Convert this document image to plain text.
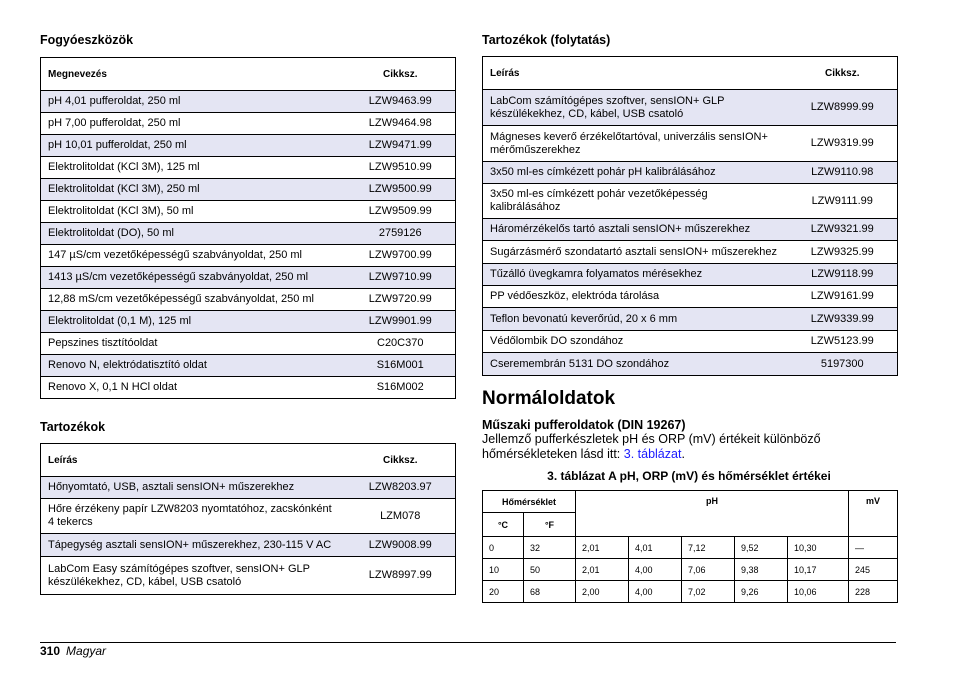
Fogyóeszközök
Megnevezés	Cikksz.
pH 4,01 pufferoldat, 250 ml	LZW9463.99
pH 7,00 pufferoldat, 250 ml	LZW9464.98
pH 10,01 pufferoldat, 250 ml	LZW9471.99
Elektrolitoldat (KCl 3M), 125 ml	LZW9510.99
Elektrolitoldat (KCl 3M), 250 ml	LZW9500.99
Elektrolitoldat (KCl 3M), 50 ml	LZW9509.99
Elektrolitoldat (DO), 50 ml	2759126
147 µS/cm vezetőképességű szabványoldat, 250 ml	LZW9700.99
1413 µS/cm vezetőképességű szabványoldat, 250 ml	LZW9710.99
12,88 mS/cm vezetőképességű szabványoldat, 250 ml	LZW9720.99
Elektrolitoldat (0,1 M), 125 ml	LZW9901.99
Pepszines tisztítóoldat	C20C370
Renovo N, elektródatisztító oldat	S16M001
Renovo X, 0,1 N HCl oldat	S16M002
Tartozékok
Leírás	Cikksz.
Hőnyomtató, USB, asztali sensION+ műszerekhez	LZW8203.97
Hőre érzékeny papír LZW8203 nyomtatóhoz, zacskónként 4 tekercs	LZM078
Tápegység asztali sensION+ műszerekhez, 230-115 V AC	LZW9008.99
LabCom Easy számítógépes szoftver, sensION+ GLP készülékekhez, CD, kábel, USB csatoló	LZW8997.99
Tartozékok (folytatás)
Leírás	Cikksz.
LabCom számítógépes szoftver, sensION+ GLP készülékekhez, CD, kábel, USB csatoló	LZW8999.99
Mágneses keverő érzékelőtartóval, univerzális sensION+ mérőműszerekhez	LZW9319.99
3x50 ml-es címkézett pohár pH kalibrálásához	LZW9110.98
3x50 ml-es címkézett pohár vezetőképesség kalibrálásához	LZW9111.99
Háromérzékelős tartó asztali sensION+ műszerekhez	LZW9321.99
Sugárzásmérő szondatartó asztali sensION+ műszerekhez	LZW9325.99
Tűzálló üvegkamra folyamatos mérésekhez	LZW9118.99
PP védőeszköz, elektróda tárolása	LZW9161.99
Teflon bevonatú keverőrúd, 20 x 6 mm	LZW9339.99
Védőlombik DO szondához	LZW5123.99
Cseremembrán 5131 DO szondához	5197300
Normáloldatok
Műszaki pufferoldatok (DIN 19267)
Jellemző pufferkészletek pH és ORP (mV) értékeit különböző hőmérsékleteken lásd itt: 3. táblázat.
3. táblázat A pH, ORP (mV) és hőmérséklet értékei
Hőmérséklet		pH					mV
°C	°F						
0	32	2,01	4,01	7,12	9,52	10,30	—
10	50	2,01	4,00	7,06	9,38	10,17	245
20	68	2,00	4,00	7,02	9,26	10,06	228
310 Magyar
